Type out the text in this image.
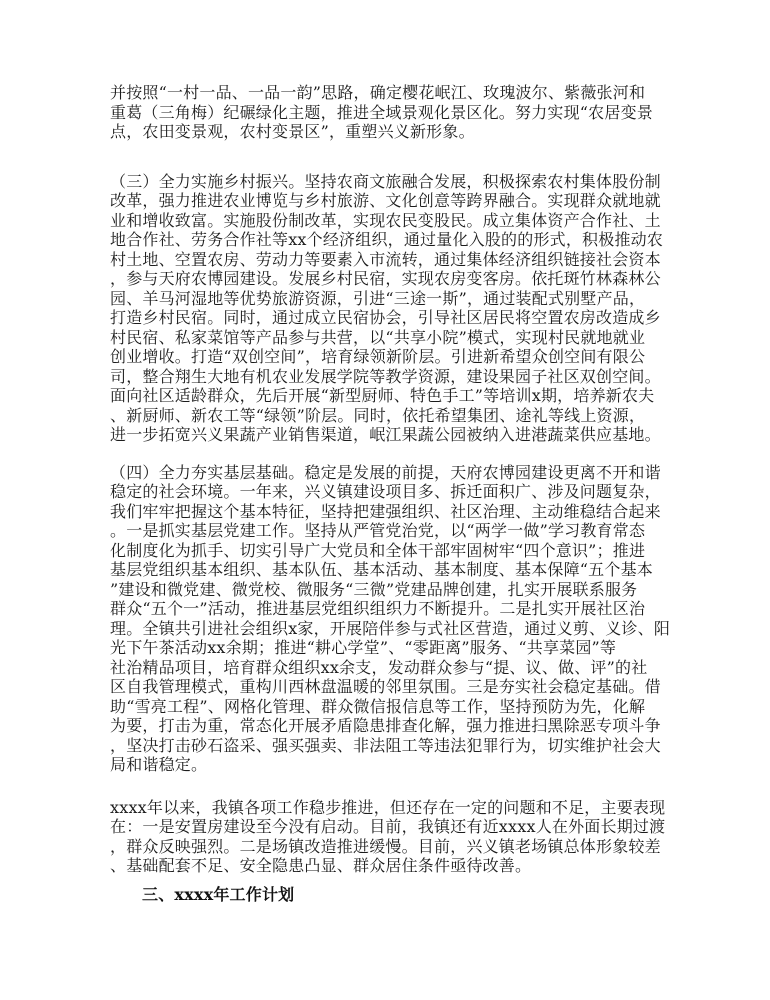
并按照“一村一品、一品一韵”思路，确定樱花岷江、玫瑰波尔、紫薇张河和
重葛（三角梅）纪碾绿化主题，推进全域景观化景区化。努力实现“农居变景
点，农田变景观，农村变景区”，重塑兴义新形象。
（三）全力实施乡村振兴。坚持农商文旅融合发展，积极探索农村集体股份制
改革，强力推进农业博览与乡村旅游、文化创意等跨界融合。实现群众就地就
业和增收致富。实施股份制改革，实现农民变股民。成立集体资产合作社、土
地合作社、劳务合作社等xx个经济组织，通过量化入股的的形式，积极推动农
村土地、空置农房、劳动力等要素入市流转，通过集体经济组织链接社会资本
，参与天府农博园建设。发展乡村民宿，实现农房变客房。依托斑竹林森林公
园、羊马河湿地等优势旅游资源，引进“三途一斯”，通过装配式别墅产品，
打造乡村民宿。同时，通过成立民宿协会，引导社区居民将空置农房改造成乡
村民宿、私家菜馆等产品参与共营，以“共享小院”模式，实现村民就地就业
创业增收。打造“双创空间”，培育绿领新阶层。引进新希望众创空间有限公
司，整合翔生大地有机农业发展学院等教学资源，建设果园子社区双创空间。
面向社区适龄群众，先后开展“新型厨师、特色手工”等培训x期，培养新农夫
、新厨师、新农工等“绿领”阶层。同时，依托希望集团、途礼等线上资源，
进一步拓宽兴义果蔬产业销售渠道，岷江果蔬公园被纳入进港蔬菜供应基地。
（四）全力夯实基层基础。稳定是发展的前提，天府农博园建设更离不开和谐
稳定的社会环境。一年来，兴义镇建设项目多、拆迁面积广、涉及问题复杂，
我们牢牢把握这个基本特征，坚持把建强组织、社区治理、主动维稳结合起来
。一是抓实基层党建工作。坚持从严管党治党，以“两学一做”学习教育常态
化制度化为抓手、切实引导广大党员和全体干部牢固树牢“四个意识”；推进
基层党组织基本组织、基本队伍、基本活动、基本制度、基本保障“五个基本
”建设和微党建、微党校、微服务“三微”党建品牌创建，扎实开展联系服务
群众“五个一”活动，推进基层党组织组织力不断提升。二是扎实开展社区治
理。全镇共引进社会组织x家，开展陪伴参与式社区营造，通过义剪、义诊、阳
光下午茶活动xx余期；推进“耕心学堂”、“零距离”服务、“共享菜园”等
社治精品项目，培育群众组织xx余支，发动群众参与“提、议、做、评”的社
区自我管理模式，重构川西林盘温暖的邻里氛围。三是夯实社会稳定基础。借
助“雪亮工程”、网格化管理、群众微信报信息等工作，坚持预防为先，化解
为要，打击为重，常态化开展矛盾隐患排查化解，强力推进扫黑除恶专项斗争
，坚决打击砂石盗采、强买强卖、非法阻工等违法犯罪行为，切实维护社会大
局和谐稳定。
xxxx年以来，我镇各项工作稳步推进，但还存在一定的问题和不足，主要表现
在：一是安置房建设至今没有启动。目前，我镇还有近xxxx人在外面长期过渡
，群众反映强烈。二是场镇改造推进缓慢。目前，兴义镇老场镇总体形象较差
、基础配套不足、安全隐患凸显、群众居住条件亟待改善。
三、xxxx年工作计划
